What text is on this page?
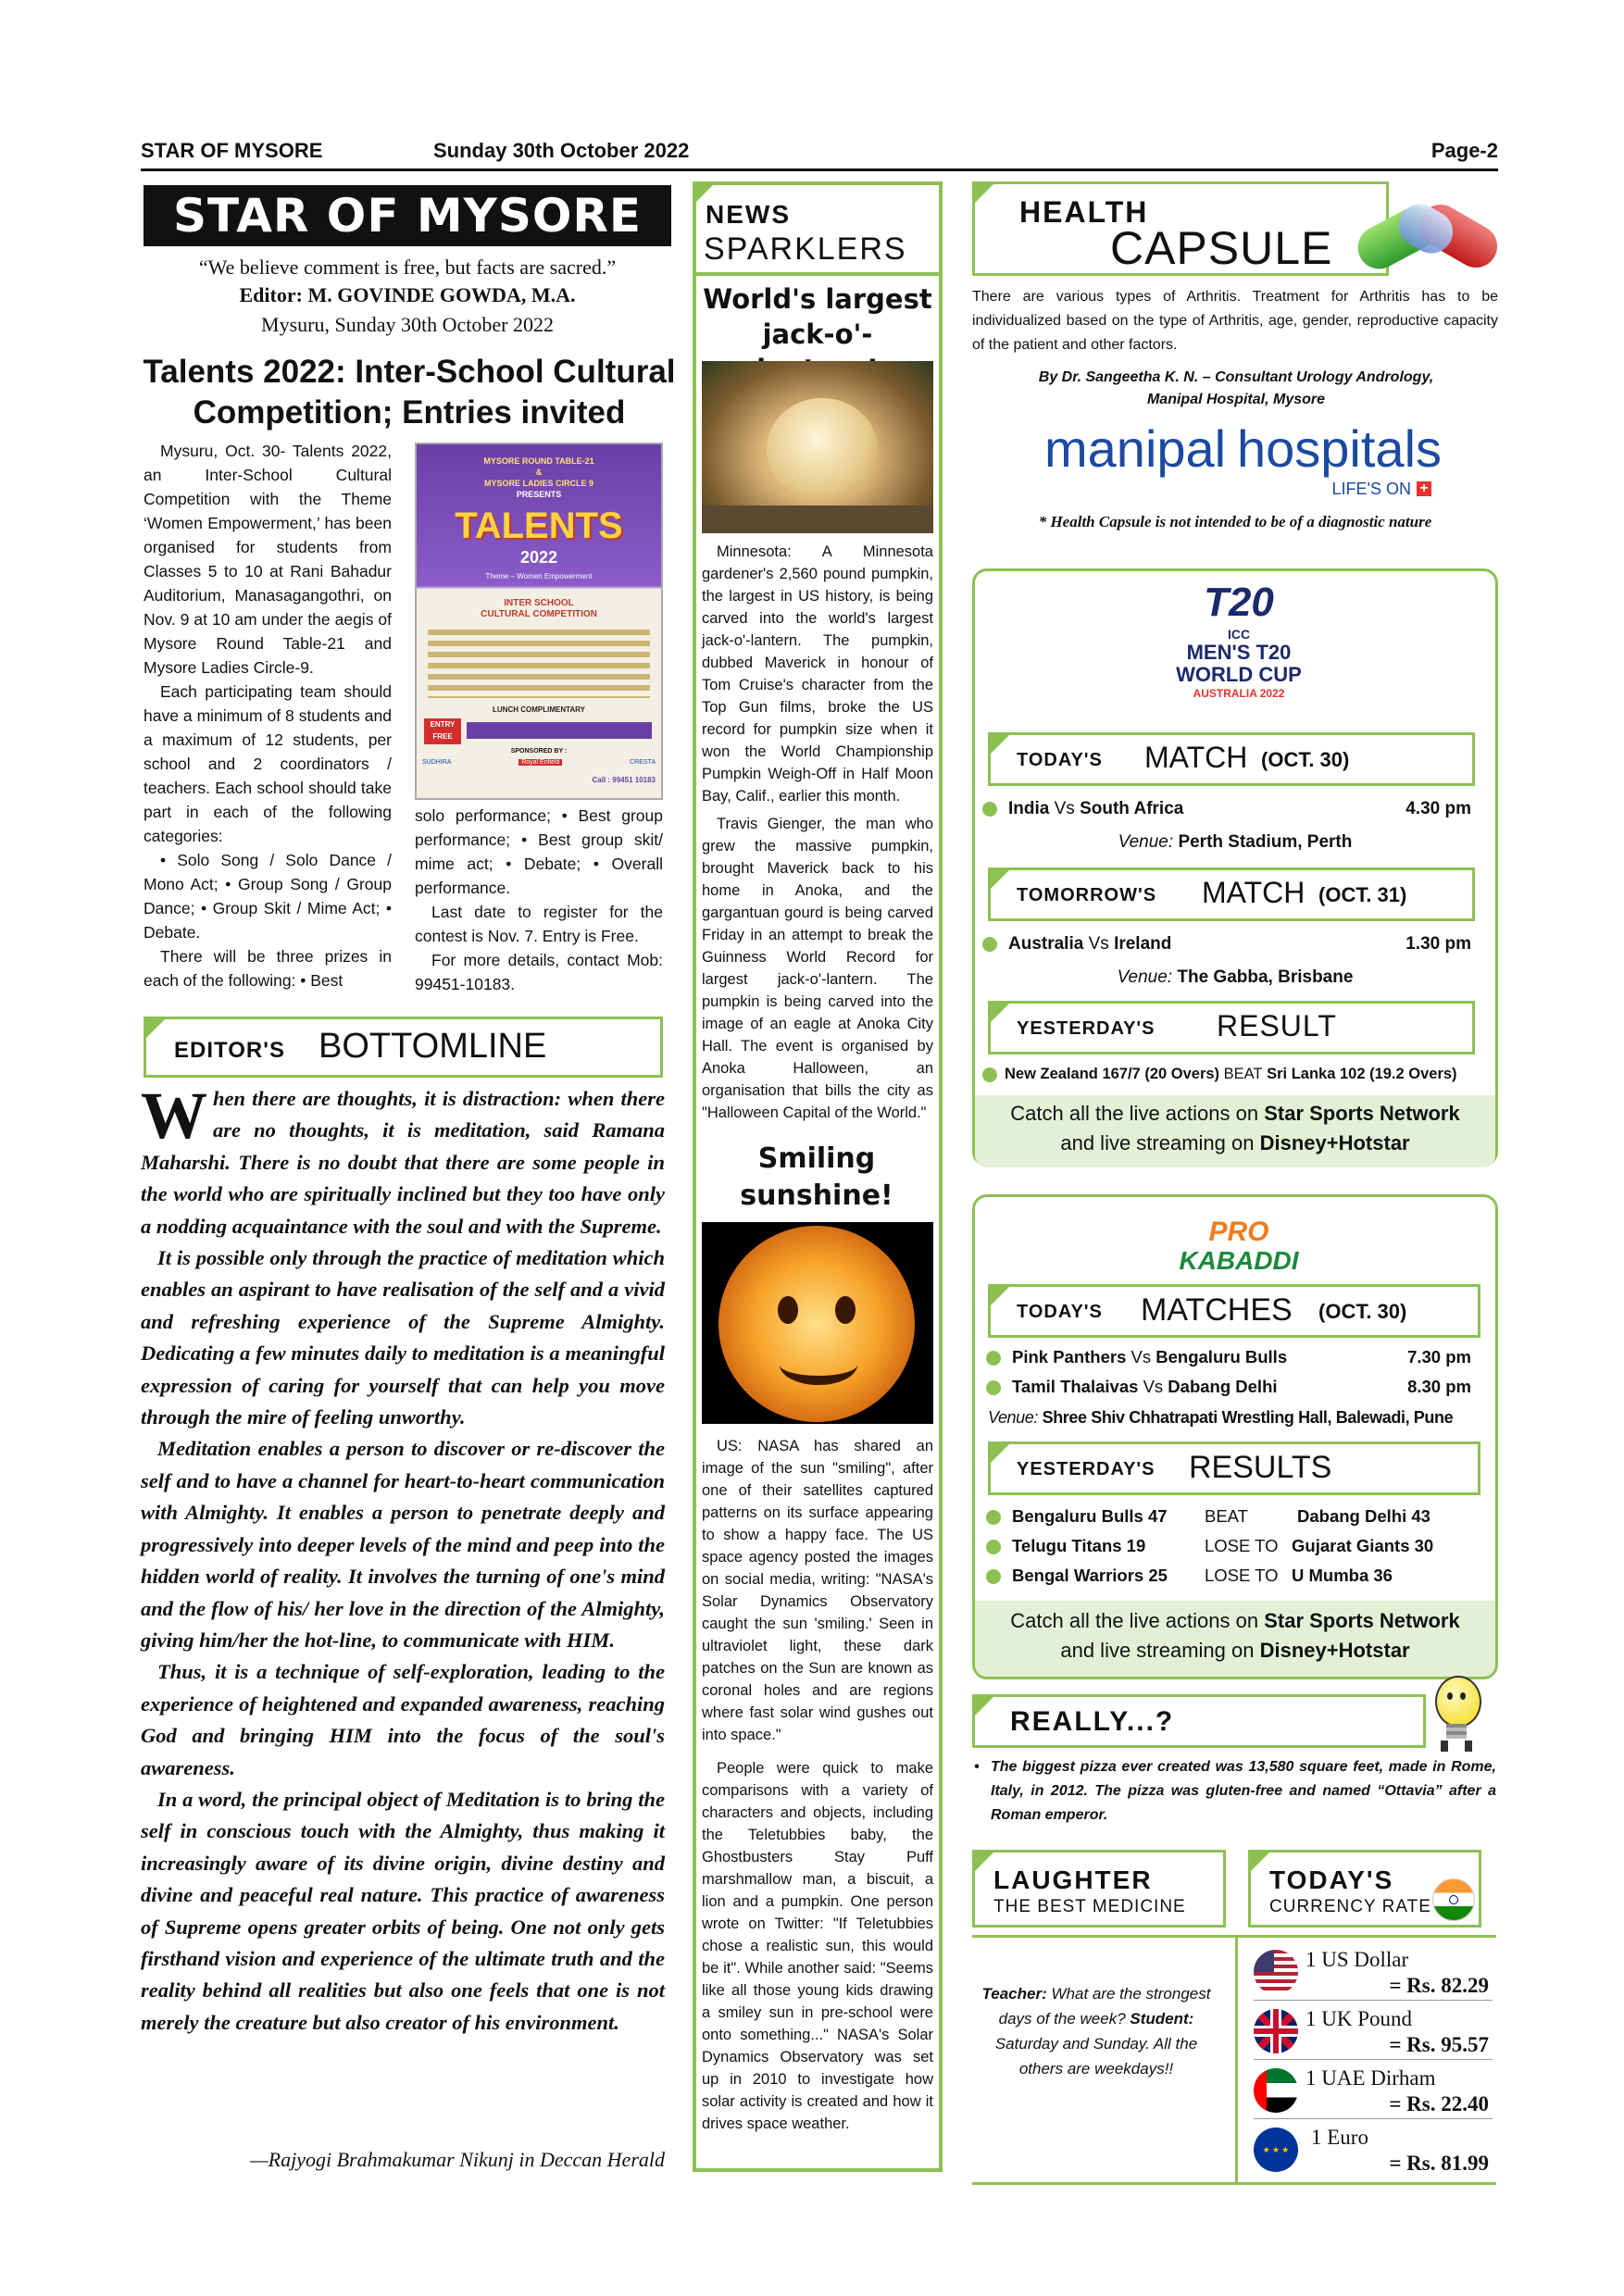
STAR OF MYSORE	Sunday 30th October 2022	Page-2
STAR OF MYSORE
“We believe comment is free, but facts are sacred.”
Editor: M. GOVINDE GOWDA, M.A.
Mysuru, Sunday 30th October 2022
Talents 2022: Inter-School Cultural Competition; Entries invited

Mysuru, Oct. 30- Talents 2022, an Inter-School Cultural Competition with the Theme ‘Women Empowerment,’ has been organised for students from Classes 5 to 10 at Rani Bahadur Auditorium, Manasagangothri, on Nov. 9 at 10 am under the aegis of Mysore Round Table-21 and Mysore Ladies Circle-9.

Each participating team should have a minimum of 8 students and a maximum of 12 students, per school and 2 coordinators / teachers. Each school should take part in each of the following categories:

• Solo Song / Solo Dance / Mono Act; • Group Song / Group Dance; • Group Skit / Mime Act; • Debate.

There will be three prizes in each of the following: • Best

MYSORE ROUND TABLE-21
&
MYSORE LADIES CIRCLE 9
PRESENTS
TALENTS
2022
Theme – Women Empowerment
INTER SCHOOL
CULTURAL COMPETITION
LUNCH COMPLIMENTARY
ENTRY
FREE
SPONSORED BY :
SUDHIRA	Royal Enfield	CRESTA
Call : 99451 10183

solo performance; • Best group performance; • Best group skit/ mime act; • Debate; • Overall performance.

Last date to register for the contest is Nov. 7. Entry is Free.

For more details, contact Mob: 99451-10183.

EDITOR'S BOTTOMLINE

When there are thoughts, it is distraction: when there are no thoughts, it is meditation, said Ramana Maharshi. There is no doubt that there are some people in the world who are spiritually inclined but they too have only a nodding acquaintance with the soul and with the Supreme.

It is possible only through the practice of meditation which enables an aspirant to have realisation of the self and a vivid and refreshing experience of the Supreme Almighty. Dedicating a few minutes daily to meditation is a meaningful expression of caring for yourself that can help you move through the mire of feeling unworthy.

Meditation enables a person to discover or re-discover the self and to have a channel for heart-to-heart communication with Almighty. It enables a person to penetrate deeply and progressively into deeper levels of the mind and peep into the hidden world of reality. It involves the turning of one's mind and the flow of his/ her love in the direction of the Almighty, giving him/her the hot-line, to communicate with HIM.

Thus, it is a technique of self-exploration, leading to the experience of heightened and expanded awareness, reaching God and bringing HIM into the focus of the soul's awareness.

In a word, the principal object of Meditation is to bring the self in conscious touch with the Almighty, thus making it increasingly aware of its divine origin, divine destiny and divine and peaceful real nature. This practice of awareness of Supreme opens greater orbits of being. One not only gets firsthand vision and experience of the ultimate truth and the reality behind all realities but also one feels that one is not merely the creature but also creator of his environment.

—Rajyogi Brahmakumar Nikunj in Deccan Herald
NEWS
SPARKLERS
World's largest jack-o'-

Minnesota: A Minnesota gardener's 2,560 pound pumpkin, the largest in US history, is being carved into the world's largest jack-o'-lantern. The pumpkin, dubbed Maverick in honour of Tom Cruise's character from the Top Gun films, broke the US record for pumpkin size when it won the World Championship Pumpkin Weigh-Off in Half Moon Bay, Calif., earlier this month.

Travis Gienger, the man who grew the massive pumpkin, brought Maverick back to his home in Anoka, and the gargantuan gourd is being carved Friday in an attempt to break the Guinness World Record for largest jack-o'-lantern. The pumpkin is being carved into the image of an eagle at Anoka City Hall. The event is organised by Anoka Halloween, an organisation that bills the city as "Halloween Capital of the World."

Smiling sunshine!

US: NASA has shared an image of the sun "smiling", after one of their satellites captured patterns on its surface appearing to show a happy face. The US space agency posted the images on social media, writing: "NASA's Solar Dynamics Observatory caught the sun 'smiling.' Seen in ultraviolet light, these dark patches on the Sun are known as coronal holes and are regions where fast solar wind gushes out into space."

People were quick to make comparisons with a variety of characters and objects, including the Teletubbies baby, the Ghostbusters Stay Puff marshmallow man, a biscuit, a lion and a pumpkin. One person wrote on Twitter: "If Teletubbies chose a realistic sun, this would be it". While another said: "Seems like all those young kids drawing a smiley sun in pre-school were onto something..." NASA's Solar Dynamics Observatory was set up in 2010 to investigate how solar activity is created and how it drives space weather.

HEALTH
CAPSULE
There are various types of Arthritis. Treatment for Arthritis has to be individualized based on the type of Arthritis, age, gender, reproductive capacity of the patient and other factors.
By Dr. Sangeetha K. N. – Consultant Urology Andrology, Manipal Hospital, Mysore
manipal hospitals
LIFE'S ON +
* Health Capsule is not intended to be of a diagnostic nature
T20
ICC
MEN'S T20
WORLD CUP
AUSTRALIA 2022
TODAY'S MATCH (OCT. 30)
India Vs South Africa	4.30 pm
Venue: Perth Stadium, Perth
TOMORROW'S MATCH (OCT. 31)
Australia Vs Ireland	1.30 pm
Venue: The Gabba, Brisbane
YESTERDAY'S RESULT
New Zealand 167/7 (20 Overs) BEAT Sri Lanka 102 (19.2 Overs)
Catch all the live actions on Star Sports Network
and live streaming on Disney+Hotstar
PRO
KABADDI
TODAY'S MATCHES (OCT. 30)
Pink Panthers Vs Bengaluru Bulls	7.30 pm
Tamil Thalaivas Vs Dabang Delhi	8.30 pm
Venue: Shree Shiv Chhatrapati Wrestling Hall, Balewadi, Pune
YESTERDAY'S RESULTS
Bengaluru Bulls 47 BEAT	Dabang Delhi 43
Telugu Titans 19	LOSE TO Gujarat Giants 30
Bengal Warriors 25 LOSE TO U Mumba 36
Catch all the live actions on Star Sports Network
and live streaming on Disney+Hotstar
REALLY...?
• The biggest pizza ever created was 13,580 square feet, made in Rome, Italy, in 2012. The pizza was gluten-free and named “Ottavia” after a Roman emperor.
LAUGHTER
THE BEST MEDICINE
Teacher: What are the strongest days of the week? Student: Saturday and Sunday. All the others are weekdays!!
TODAY'S
CURRENCY RATE
1 US Dollar
= Rs. 82.29
1 UK Pound
= Rs. 95.57
1 UAE Dirham
= Rs. 22.40
★ ★ ★
1 Euro
= Rs. 81.99
